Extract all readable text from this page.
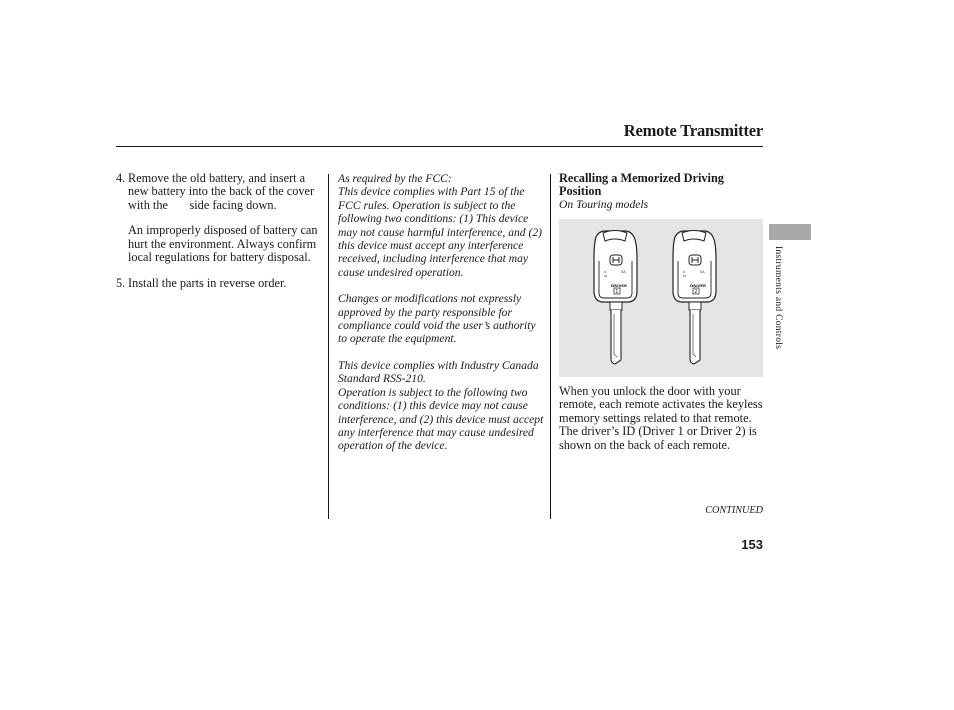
Remote Transmitter
4. Remove the old battery, and insert a new battery into the back of the cover with the       side facing down.

An improperly disposed of battery can hurt the environment. Always confirm local regulations for battery disposal.

5. Install the parts in reverse order.

As required by the FCC:

This device complies with Part 15 of the FCC rules. Operation is subject to the following two conditions: (1) This device may not cause harmful interference, and (2) this device must accept any interference received, including interference that may cause undesired operation.

Changes or modifications not expressly approved by the party responsible for compliance could void the user’s authority to operate the equipment.

This device complies with Industry Canada Standard RSS-210.

Operation is subject to the following two conditions: (1) this device may not cause interference, and (2) this device must accept any interference that may cause undesired operation of the device.

Recalling a Memorized Driving Position
On Touring models
SA
DRIVER
1
SA
DRIVER
2
When you unlock the door with your remote, each remote activates the keyless memory settings related to that remote. The driver’s ID (Driver 1 or Driver 2) is shown on the back of each remote.
Instruments and Controls
CONTINUED
153
